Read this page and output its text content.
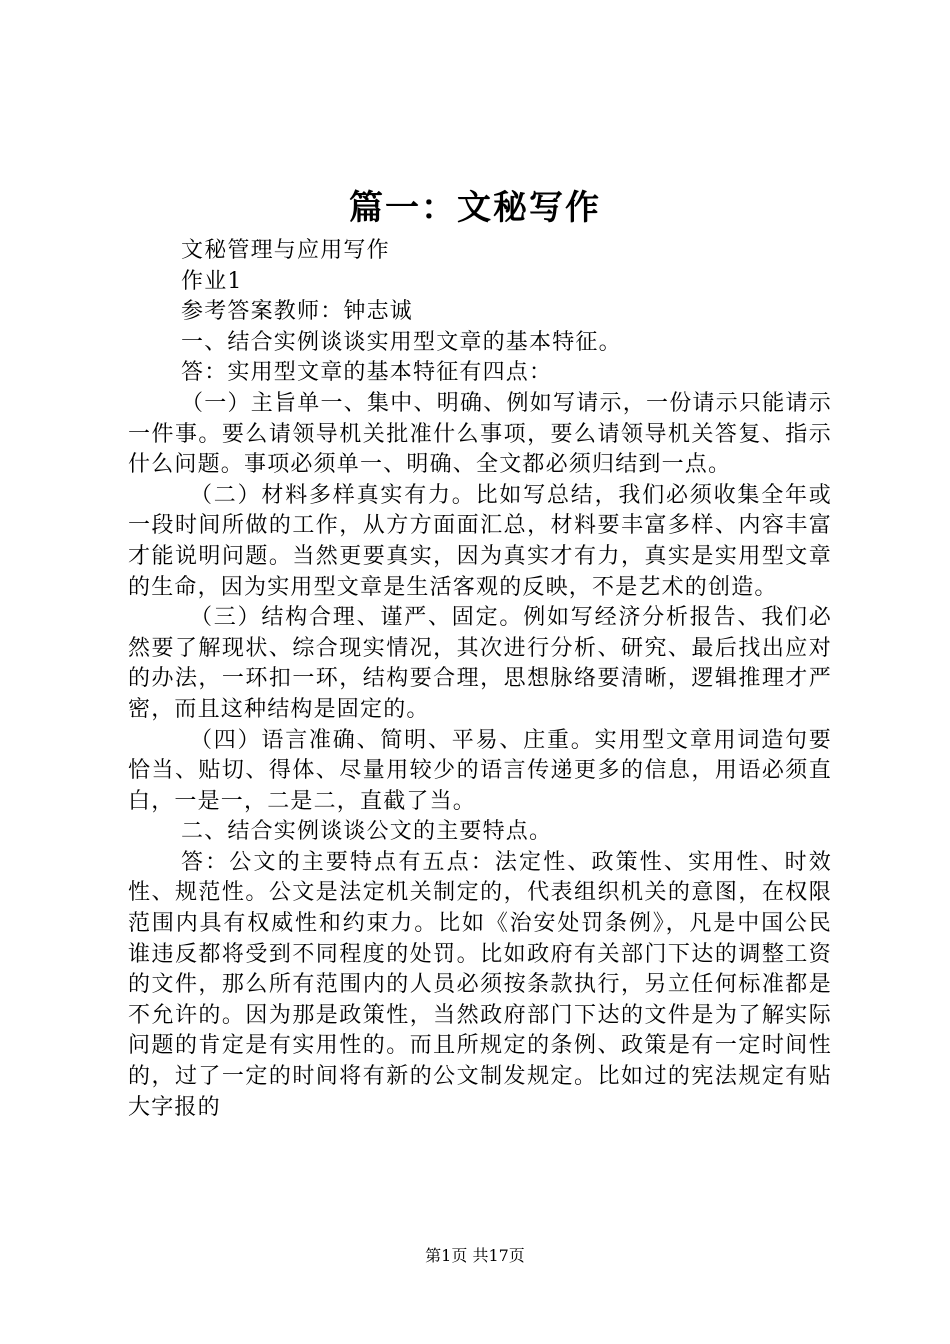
篇一：文秘写作

文秘管理与应用写作

作业1

参考答案教师：钟志诚

一、结合实例谈谈实用型文章的基本特征。

答：实用型文章的基本特征有四点：

（一）主旨单一、集中、明确、例如写请示，一份请示只能请示一件事。要么请领导机关批准什么事项，要么请领导机关答复、指示什么问题。事项必须单一、明确、全文都必须归结到一点。

（二）材料多样真实有力。比如写总结，我们必须收集全年或一段时间所做的工作，从方方面面汇总，材料要丰富多样、内容丰富才能说明问题。当然更要真实，因为真实才有力，真实是实用型文章的生命，因为实用型文章是生活客观的反映，不是艺术的创造。

（三）结构合理、谨严、固定。例如写经济分析报告、我们必然要了解现状、综合现实情况，其次进行分析、研究、最后找出应对的办法，一环扣一环，结构要合理，思想脉络要清晰，逻辑推理才严密，而且这种结构是固定的。

（四）语言准确、简明、平易、庄重。实用型文章用词造句要恰当、贴切、得体、尽量用较少的语言传递更多的信息，用语必须直白，一是一，二是二，直截了当。

二、结合实例谈谈公文的主要特点。

答：公文的主要特点有五点：法定性、政策性、实用性、时效性、规范性。公文是法定机关制定的，代表组织机关的意图，在权限范围内具有权威性和约束力。比如《治安处罚条例》，凡是中国公民谁违反都将受到不同程度的处罚。比如政府有关部门下达的调整工资的文件，那么所有范围内的人员必须按条款执行，另立任何标准都是不允许的。因为那是政策性，当然政府部门下达的文件是为了解实际问题的肯定是有实用性的。而且所规定的条例、政策是有一定时间性的，过了一定的时间将有新的公文制发规定。比如过的宪法规定有贴大字报的

第1页 共17页
